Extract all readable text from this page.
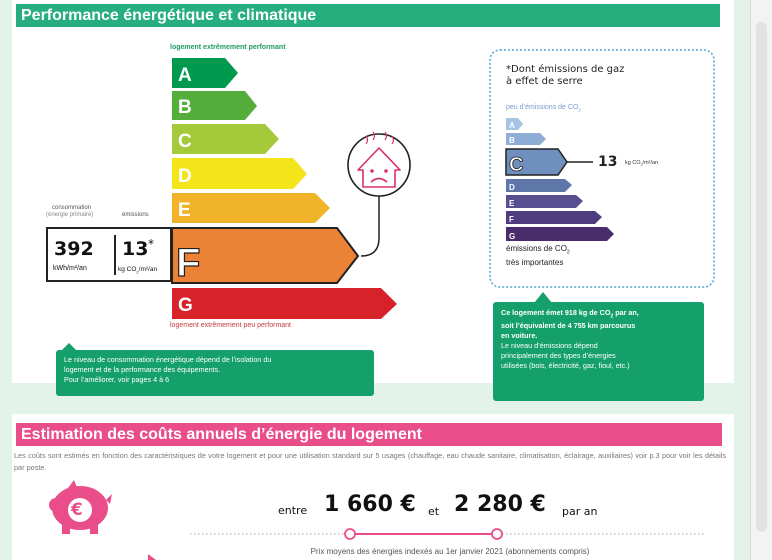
Performance énergétique et climatique
logement extrêmement performant
logement extrêmement peu performant
A
B
C
D
E
F
G
A
B
C
D
E
F
G
consommation
(énergie primaire)	émissions
392
kWh/m²/an
13 *
kg $CO_2/m^2/an$
Le niveau de consommation énergétique dépend de l’isolation du
logement et de la performance des équipements.
Pour l’améliorer, voir pages 4 à 6
*Dont émissions de gaz
à effet de serre
peu d’émissions de $CO_2$
13 kg $CO_2/m^2/an$
émissions de $CO_2$
très importantes
Ce logement émet 918 kg de $CO_2$ par an,
soit l’équivalent de 4 755 km parcourus
en voiture.
Le niveau d’émissions dépend
principalement des types d’énergies
utilisées (bois, électricité, gaz, fioul, etc.)
Estimation des coûts annuels d’énergie du logement
Les coûts sont estimés en fonction des caractéristiques de votre logement et pour une utilisation standard sur 5 usages (chauffage, eau chaude sanitaire, climatisation, éclairage, auxiliaires) voir p.3 pour voir les détails par poste.
€	entre 1 660 € et 2 280 € par an
Prix moyens des énergies indexés au 1er janvier 2021 (abonnements compris)
